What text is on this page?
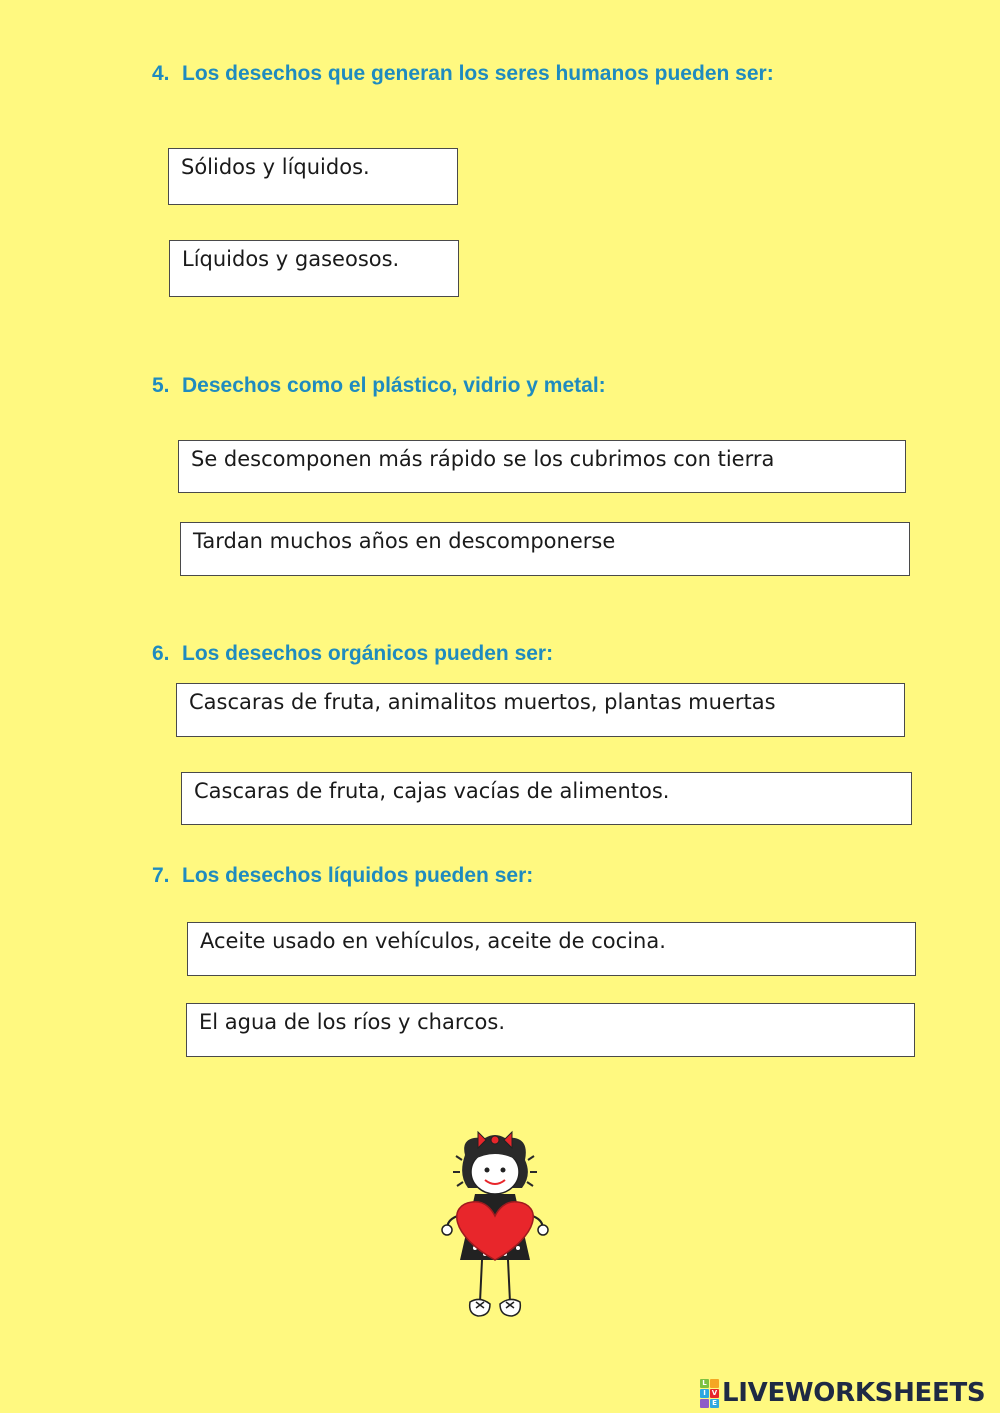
4. Los desechos que generan los seres humanos pueden ser:
Sólidos y líquidos.
Líquidos y gaseosos.
5. Desechos como el plástico, vidrio y metal:
Se descomponen más rápido se los cubrimos con tierra
Tardan muchos años en descomponerse
6. Los desechos orgánicos pueden ser:
Cascaras de fruta, animalitos muertos, plantas muertas
Cascaras de fruta, cajas vacías de alimentos.
7. Los desechos líquidos pueden ser:
Aceite usado en vehículos, aceite de cocina.
El agua de los ríos y charcos.
L
I V
E LIVEWORKSHEETS
